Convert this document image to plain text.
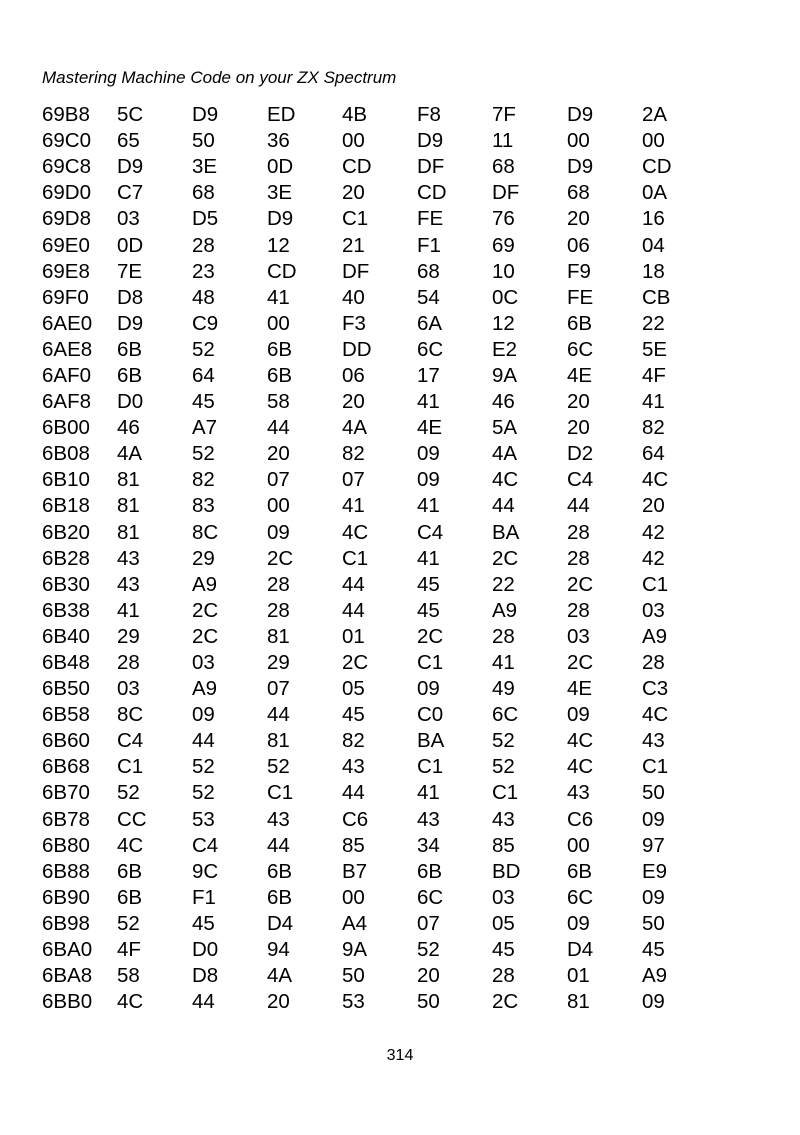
Mastering Machine Code on your ZX Spectrum
69B8	5C	D9	ED	4B	F8	7F	D9	2A
69C0	65	50	36	00	D9	11	00	00
69C8	D9	3E	0D	CD	DF	68	D9	CD
69D0	C7	68	3E	20	CD	DF	68	0A
69D8	03	D5	D9	C1	FE	76	20	16
69E0	0D	28	12	21	F1	69	06	04
69E8	7E	23	CD	DF	68	10	F9	18
69F0	D8	48	41	40	54	0C	FE	CB
6AE0	D9	C9	00	F3	6A	12	6B	22
6AE8	6B	52	6B	DD	6C	E2	6C	5E
6AF0	6B	64	6B	06	17	9A	4E	4F
6AF8	D0	45	58	20	41	46	20	41
6B00	46	A7	44	4A	4E	5A	20	82
6B08	4A	52	20	82	09	4A	D2	64
6B10	81	82	07	07	09	4C	C4	4C
6B18	81	83	00	41	41	44	44	20
6B20	81	8C	09	4C	C4	BA	28	42
6B28	43	29	2C	C1	41	2C	28	42
6B30	43	A9	28	44	45	22	2C	C1
6B38	41	2C	28	44	45	A9	28	03
6B40	29	2C	81	01	2C	28	03	A9
6B48	28	03	29	2C	C1	41	2C	28
6B50	03	A9	07	05	09	49	4E	C3
6B58	8C	09	44	45	C0	6C	09	4C
6B60	C4	44	81	82	BA	52	4C	43
6B68	C1	52	52	43	C1	52	4C	C1
6B70	52	52	C1	44	41	C1	43	50
6B78	CC	53	43	C6	43	43	C6	09
6B80	4C	C4	44	85	34	85	00	97
6B88	6B	9C	6B	B7	6B	BD	6B	E9
6B90	6B	F1	6B	00	6C	03	6C	09
6B98	52	45	D4	A4	07	05	09	50
6BA0	4F	D0	94	9A	52	45	D4	45
6BA8	58	D8	4A	50	20	28	01	A9
6BB0	4C	44	20	53	50	2C	81	09
314
